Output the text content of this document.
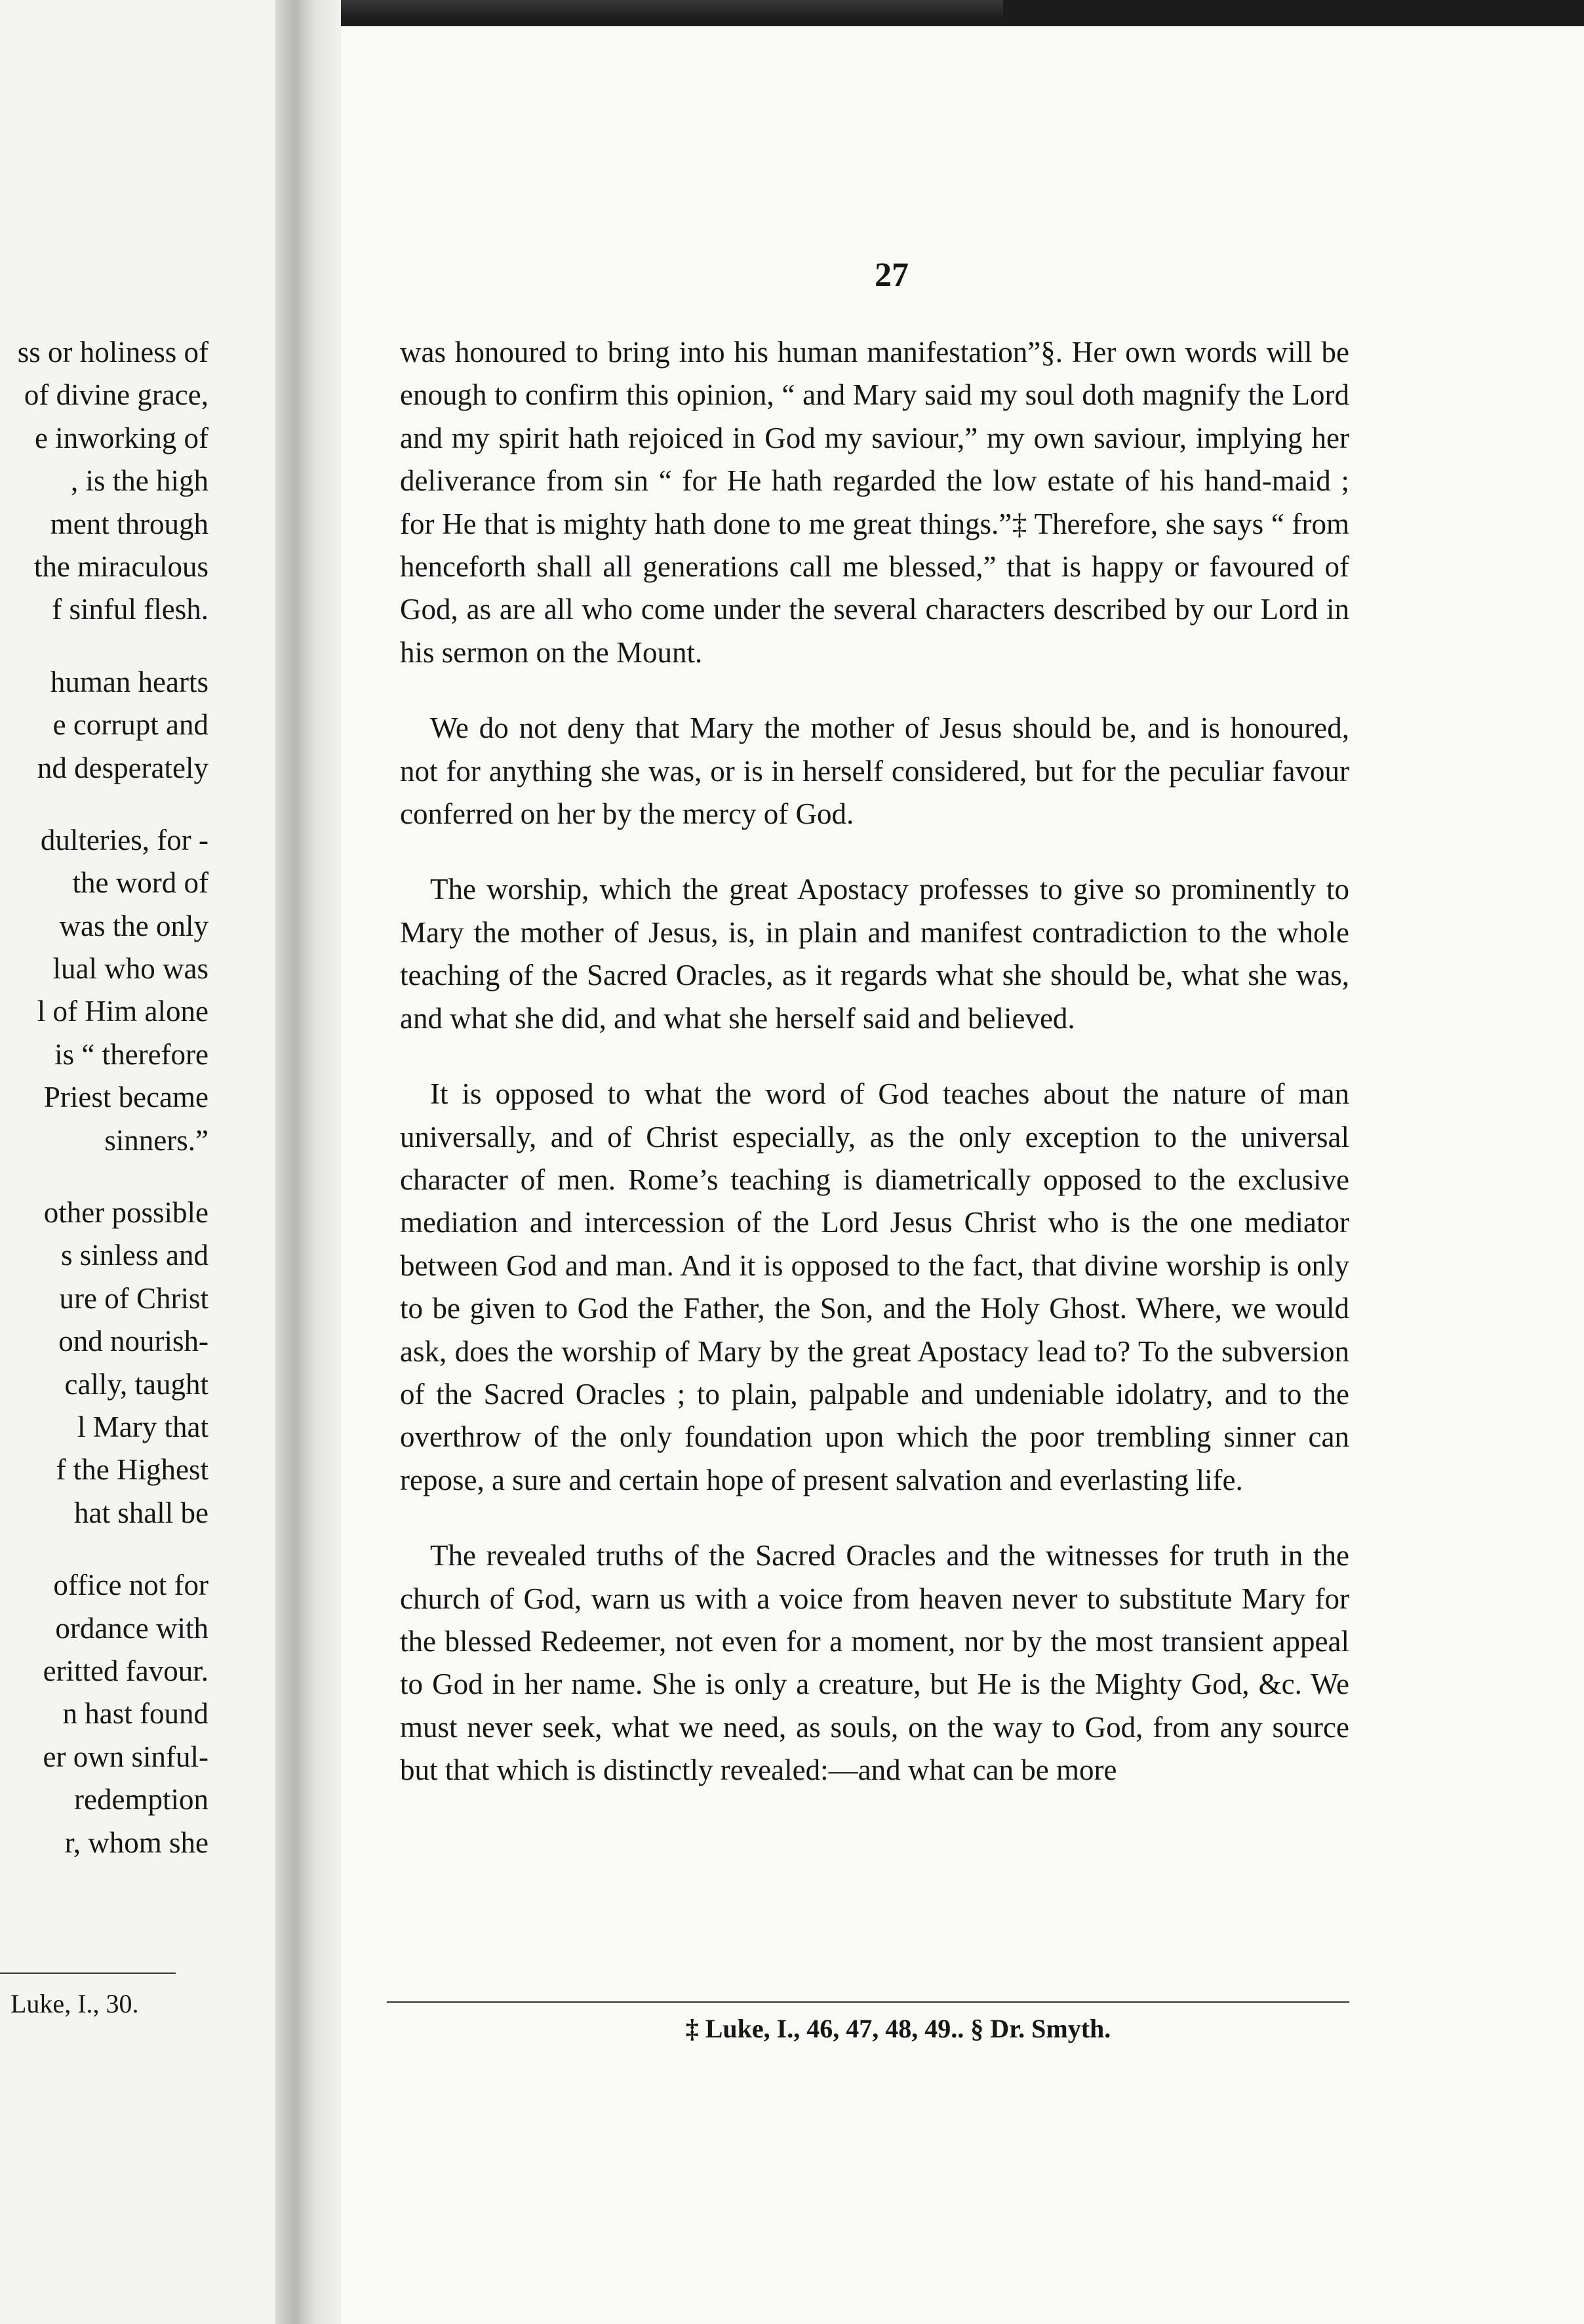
ss or holiness of
of divine grace,
e inworking of
, is the high
ment through
the miraculous
f sinful flesh.
human hearts
e corrupt and
nd desperately
dulteries, for -
the word of
was the only
lual who was
l of Him alone
is “ therefore
Priest became
sinners.”
other possible
s sinless and
ure of Christ
ond nourish-
cally, taught
l Mary that
f the Highest
hat shall be
office not for
ordance with
eritted favour.
n hast found
er own sinful-
redemption
r, whom she
Luke, I., 30.
27

was honoured to bring into his human manifestation”§. Her own words will be enough to confirm this opinion, “ and Mary said my soul doth magnify the Lord and my spirit hath rejoiced in God my saviour,” my own saviour, implying her deliverance from sin “ for He hath regarded the low estate of his hand-maid ; for He that is mighty hath done to me great things.”‡ Therefore, she says “ from henceforth shall all generations call me blessed,” that is happy or favoured of God, as are all who come under the several characters described by our Lord in his sermon on the Mount.

We do not deny that Mary the mother of Jesus should be, and is honoured, not for anything she was, or is in herself considered, but for the peculiar favour conferred on her by the mercy of God.

The worship, which the great Apostacy professes to give so prominently to Mary the mother of Jesus, is, in plain and manifest contradiction to the whole teaching of the Sacred Oracles, as it regards what she should be, what she was, and what she did, and what she herself said and believed.

It is opposed to what the word of God teaches about the nature of man universally, and of Christ especially, as the only exception to the universal character of men. Rome’s teaching is diametrically opposed to the exclusive mediation and intercession of the Lord Jesus Christ who is the one mediator between God and man. And it is opposed to the fact, that divine worship is only to be given to God the Father, the Son, and the Holy Ghost. Where, we would ask, does the worship of Mary by the great Apostacy lead to? To the subversion of the Sacred Oracles ; to plain, palpable and undeniable idolatry, and to the overthrow of the only foundation upon which the poor trembling sinner can repose, a sure and certain hope of present salvation and everlasting life.

The revealed truths of the Sacred Oracles and the witnesses for truth in the church of God, warn us with a voice from heaven never to substitute Mary for the blessed Redeemer, not even for a moment, nor by the most transient appeal to God in her name. She is only a creature, but He is the Mighty God, &c. We must never seek, what we need, as souls, on the way to God, from any source but that which is distinctly revealed:—and what can be more

‡ Luke, I., 46, 47, 48, 49.. § Dr. Smyth.
